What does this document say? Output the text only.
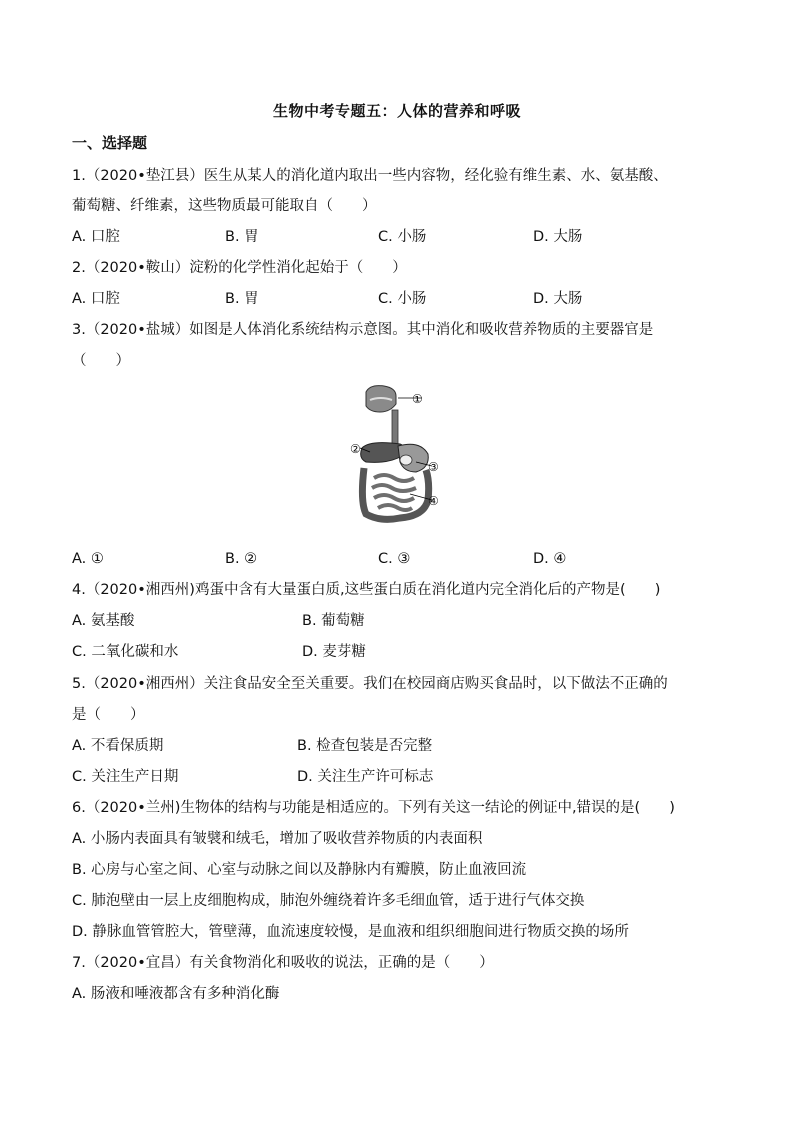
生物中考专题五：人体的营养和呼吸
一、选择题
1.（2020•垫江县）医生从某人的消化道内取出一些内容物，经化验有维生素、水、氨基酸、
葡萄糖、纤维素，这些物质最可能取自（　　）
A. 口腔	B. 胃	C. 小肠	D. 大肠
2.（2020•鞍山）淀粉的化学性消化起始于（　　）
A. 口腔	B. 胃	C. 小肠	D. 大肠
3.（2020•盐城）如图是人体消化系统结构示意图。其中消化和吸收营养物质的主要器官是
（　　）
①
②
③
④
A. ①	B. ②	C. ③	D. ④
4.（2020•湘西州)鸡蛋中含有大量蛋白质,这些蛋白质在消化道内完全消化后的产物是(　　)
A. 氨基酸	B. 葡萄糖
C. 二氧化碳和水	D. 麦芽糖
5.（2020•湘西州）关注食品安全至关重要。我们在校园商店购买食品时，以下做法不正确的
是（　　）
A. 不看保质期	B. 检查包装是否完整
C. 关注生产日期	D. 关注生产许可标志
6.（2020•兰州)生物体的结构与功能是相适应的。下列有关这一结论的例证中,错误的是(　　)
A. 小肠内表面具有皱襞和绒毛，增加了吸收营养物质的内表面积
B. 心房与心室之间、心室与动脉之间以及静脉内有瓣膜，防止血液回流
C. 肺泡壁由一层上皮细胞构成，肺泡外缠绕着许多毛细血管，适于进行气体交换
D. 静脉血管管腔大，管壁薄，血流速度较慢，是血液和组织细胞间进行物质交换的场所
7.（2020•宜昌）有关食物消化和吸收的说法，正确的是（　　）
A. 肠液和唾液都含有多种消化酶
